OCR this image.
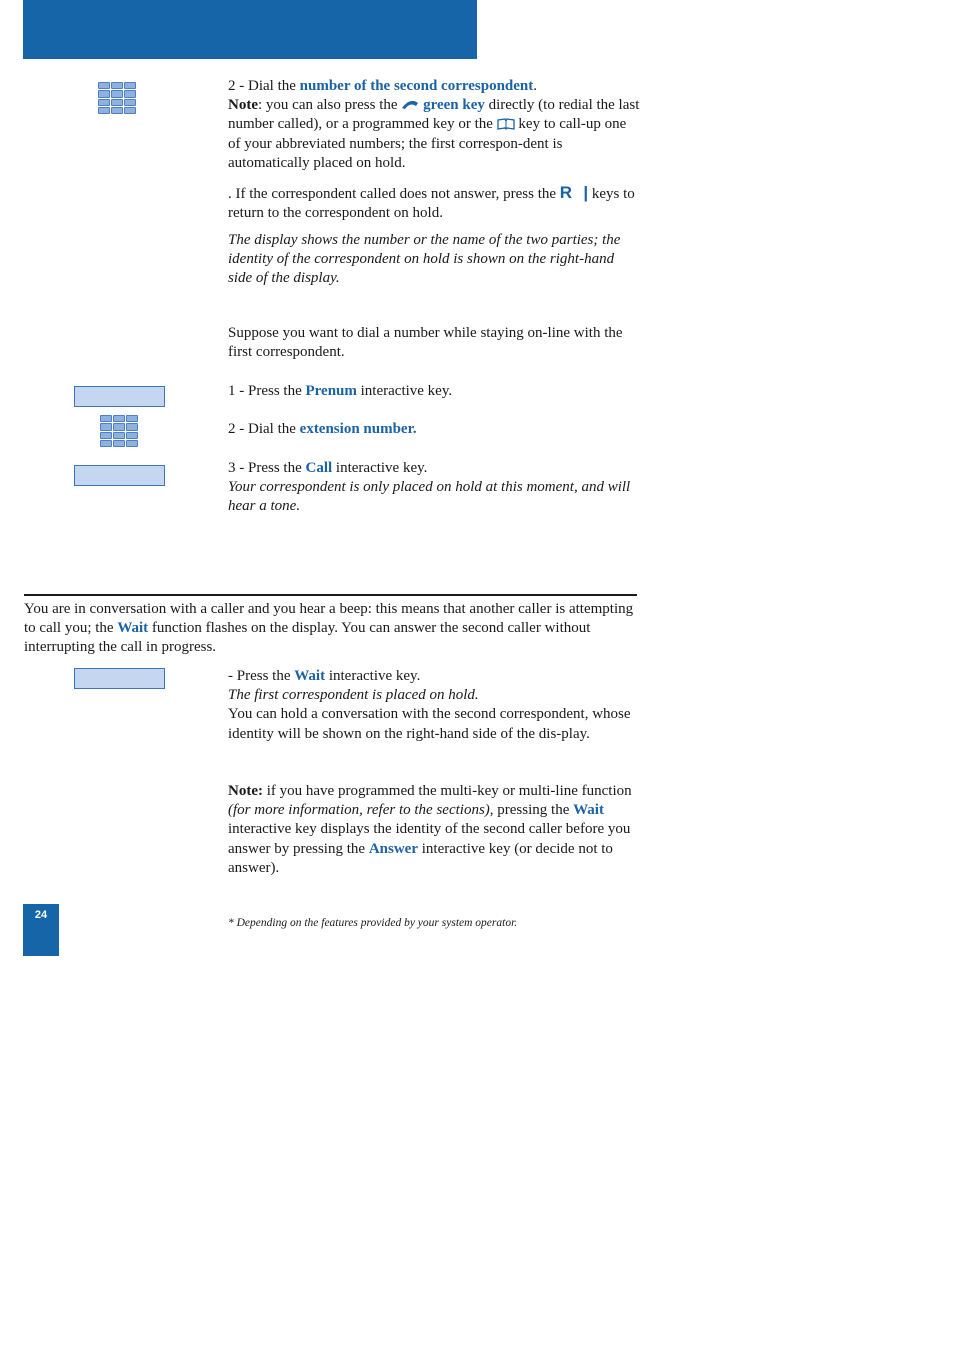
2 - Dial the number of the second correspondent.
Note: you can also press the  green key directly (to redial the last number called), or a programmed key or the  key to call-up one of your abbreviated numbers; the first correspon-dent is automatically placed on hold.
. If the correspondent called does not answer, press the R | keys to return to the correspondent on hold.
The display shows the number or the name of the two parties; the identity of the correspondent on hold is shown on the right-hand side of the display.
Suppose you want to dial a number while staying on-line with the first correspondent.
1 - Press the Prenum interactive key.
2 - Dial the extension number.
3 - Press the Call interactive key.
Your correspondent is only placed on hold at this moment, and will hear a tone.
You are in conversation with a caller and you hear a beep: this means that another caller is attempting to call you; the Wait function flashes on the display. You can answer the second caller without interrupting the call in progress.
- Press the Wait interactive key.
The first correspondent is placed on hold.
You can hold a conversation with the second correspondent, whose identity will be shown on the right-hand side of the dis-play.
Note: if you have programmed the multi-key or multi-line function (for more information, refer to the sections), pressing the Wait interactive key displays the identity of the second caller before you answer by pressing the Answer interactive key (or decide not to answer).
24
* Depending on the features provided by your system operator.
